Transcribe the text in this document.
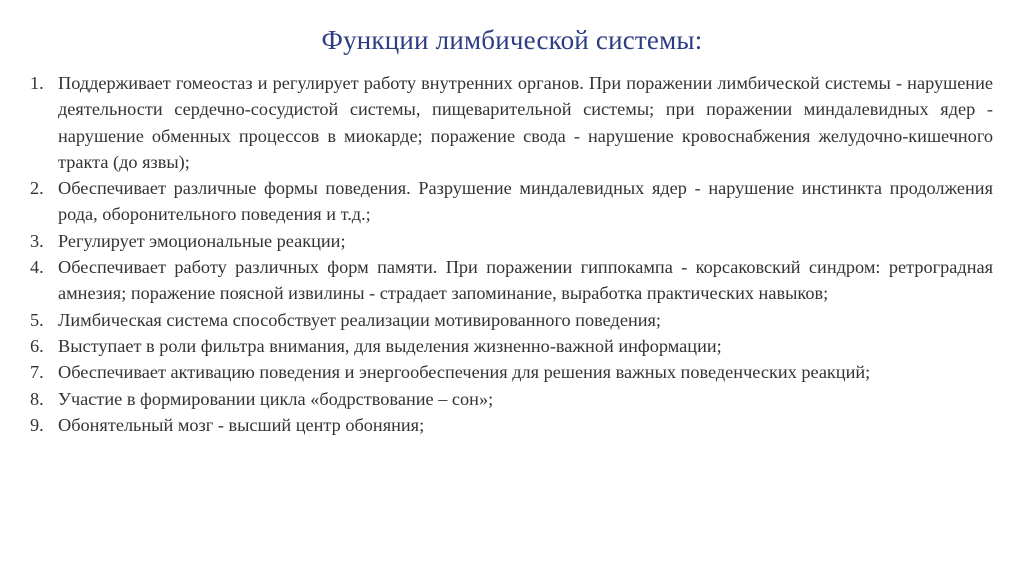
Функции лимбической системы:
1. Поддерживает гомеостаз и регулирует работу внутренних органов. При поражении лимбической системы - нарушение деятельности сердечно-сосудистой системы, пищеварительной системы; при поражении миндалевидных ядер - нарушение обменных процессов в миокарде; поражение свода - нарушение кровоснабжения желудочно-кишечного тракта (до язвы);
2. Обеспечивает различные формы поведения. Разрушение миндалевидных ядер - нарушение инстинкта продолжения рода, оборонительного поведения и т.д.;
3. Регулирует эмоциональные реакции;
4. Обеспечивает работу различных форм памяти. При поражении гиппокампа - корсаковский синдром: ретроградная амнезия; поражение поясной извилины - страдает запоминание, выработка практических навыков;
5. Лимбическая система способствует реализации мотивированного поведения;
6. Выступает в роли фильтра внимания, для выделения жизненно-важной информации;
7. Обеспечивает активацию поведения и энергообеспечения для решения важных поведенческих реакций;
8. Участие в формировании цикла «бодрствование – сон»;
9. Обонятельный мозг - высший центр обоняния;
